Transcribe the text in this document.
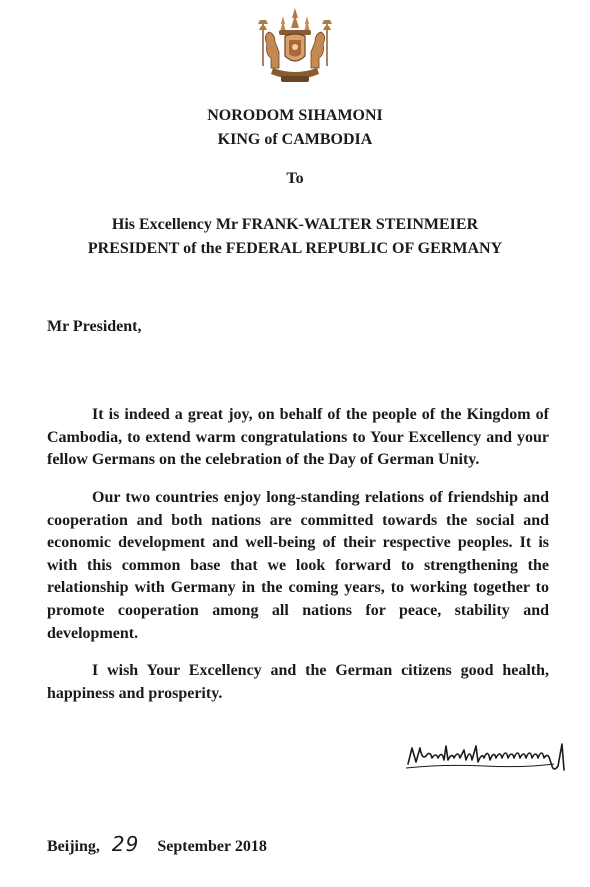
NORODOM SIHAMONI
KING of CAMBODIA
To
His Excellency Mr FRANK-WALTER STEINMEIER
PRESIDENT of the FEDERAL REPUBLIC OF GERMANY
Mr President,

It is indeed a great joy, on behalf of the people of the Kingdom of Cambodia, to extend warm congratulations to Your Excellency and your fellow Germans on the celebration of the Day of German Unity.

Our two countries enjoy long-standing relations of friendship and cooperation and both nations are committed towards the social and economic development and well-being of their respective peoples. It is with this common base that we look forward to strengthening the relationship with Germany in the coming years, to working together to promote cooperation among all nations for peace, stability and development.

I wish Your Excellency and the German citizens good health, happiness and prosperity.

Beijing, 29 September 2018
